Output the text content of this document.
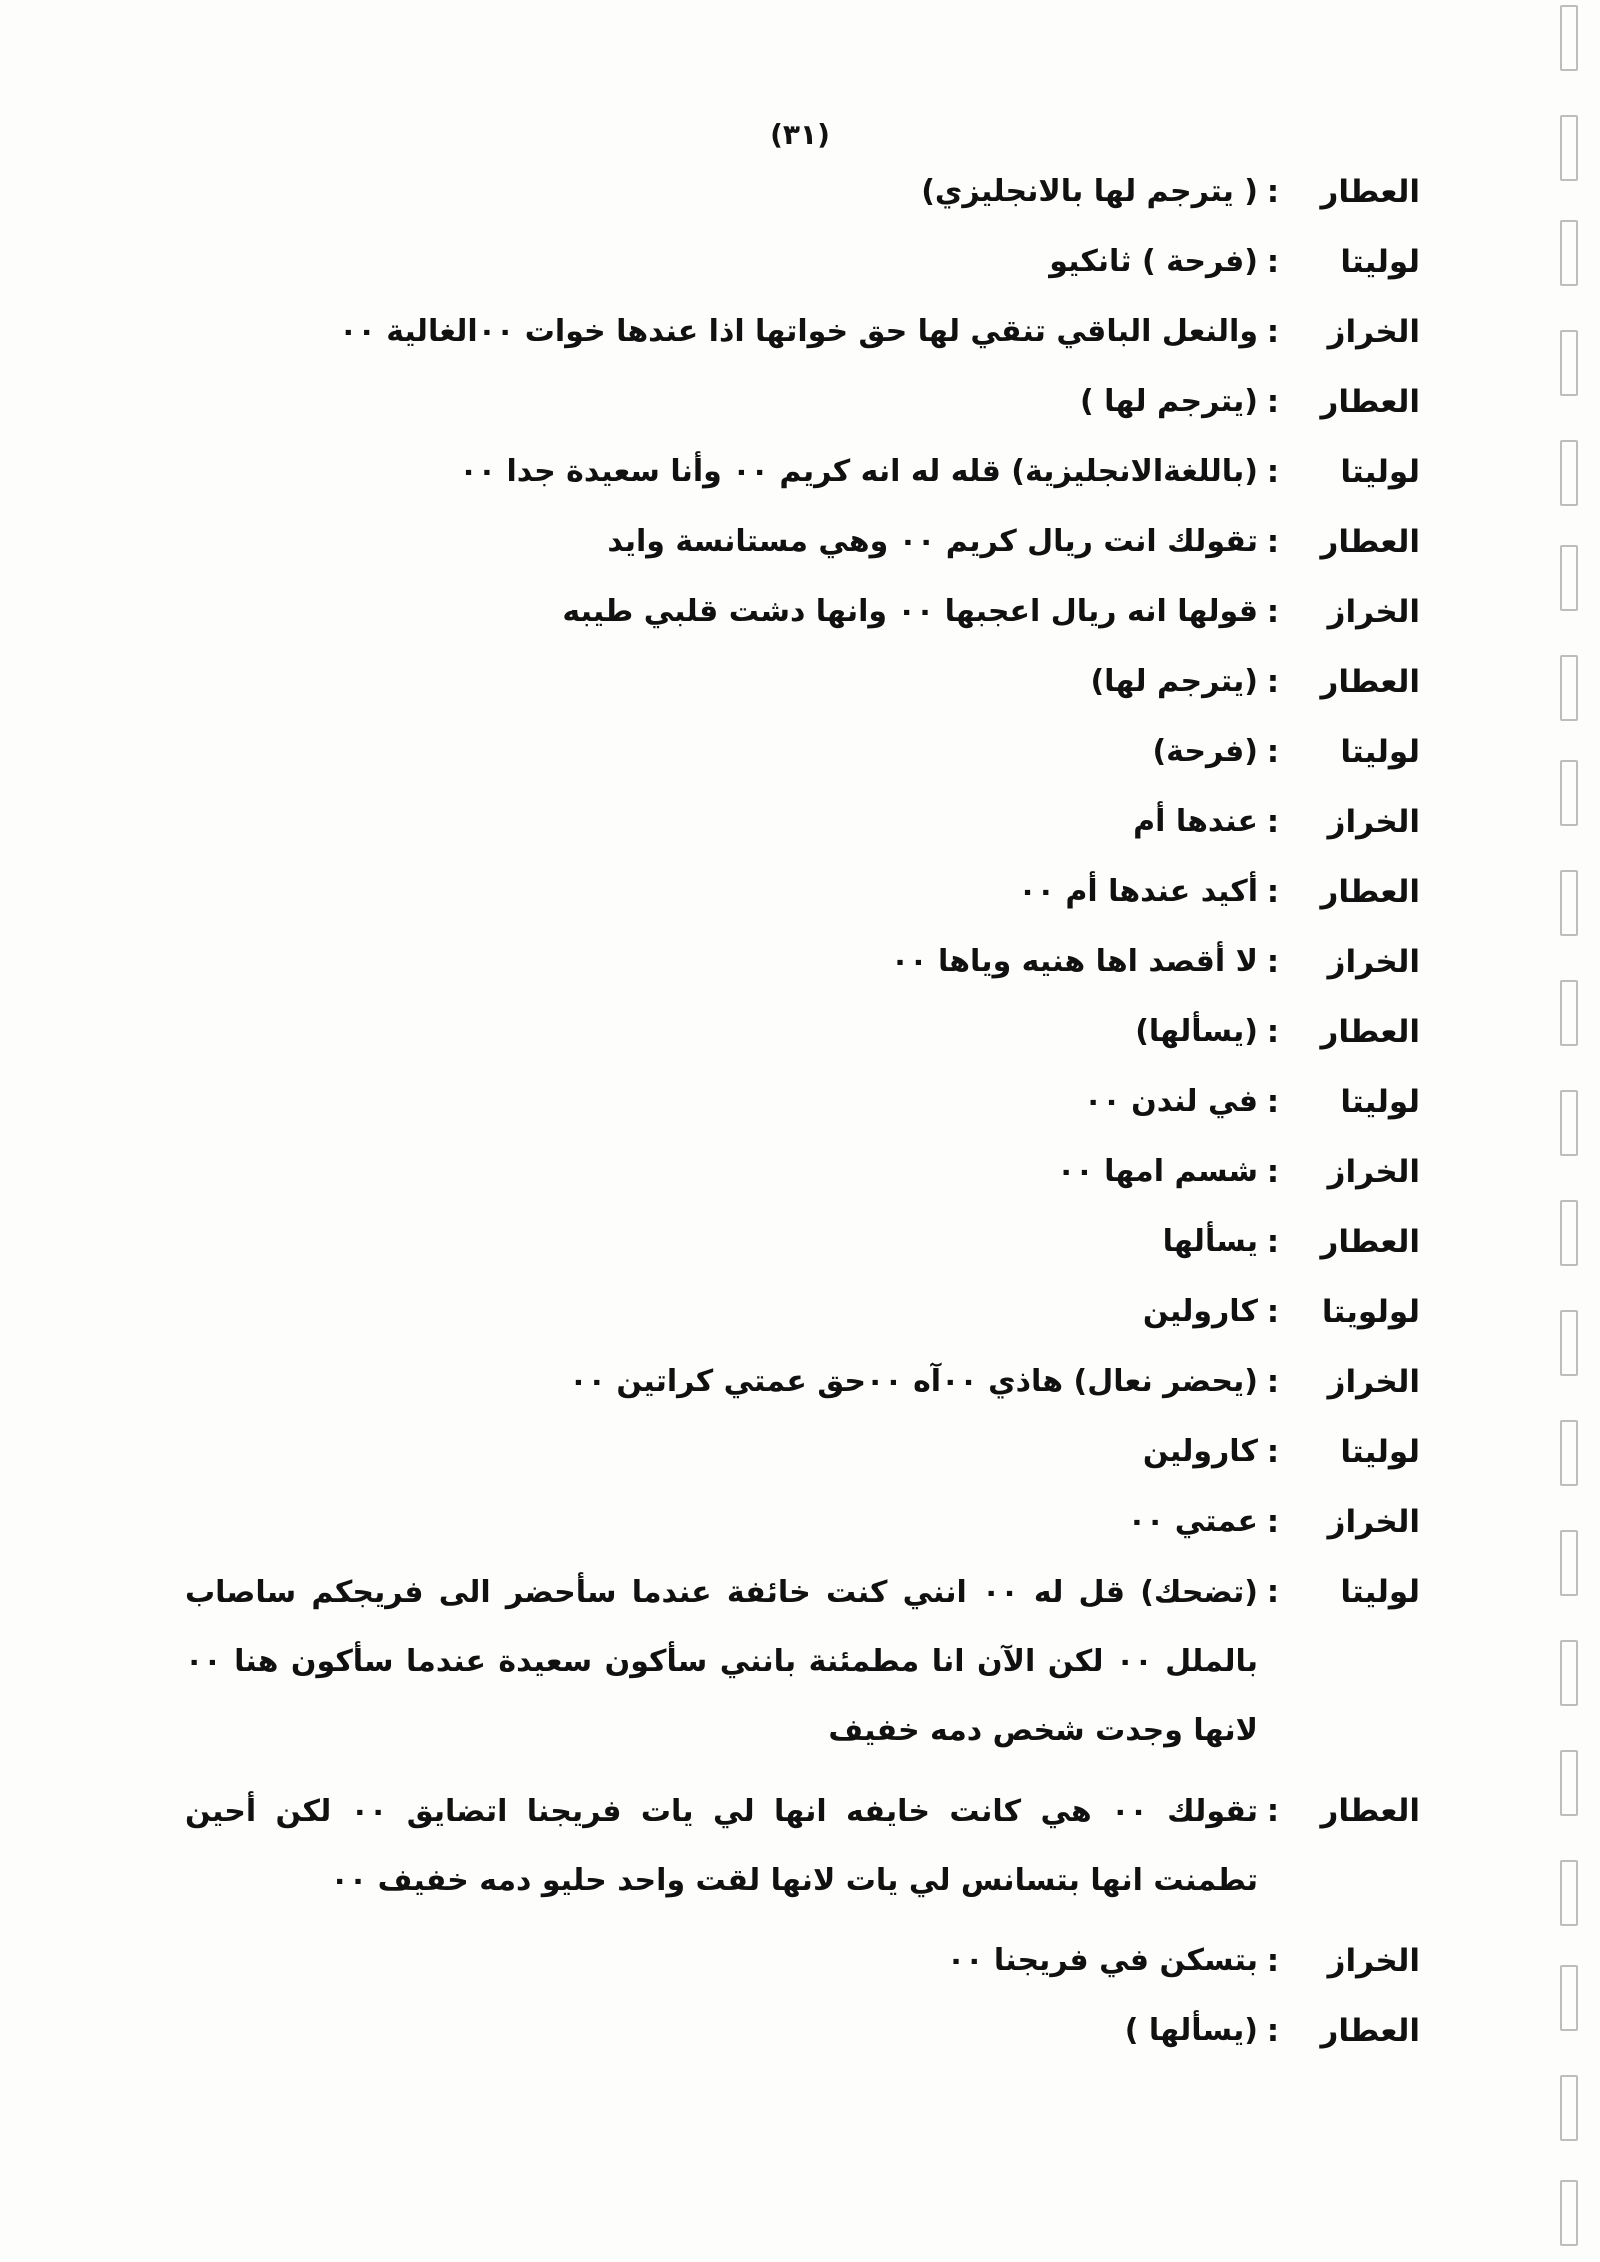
(٣١)
العطار
:
( يترجم لها بالانجليزي)
لوليتا
:
(فرحة ) ثانكيو
الخراز
:
والنعل الباقي تنقي لها حق خواتها اذا عندها خوات ٠٠الغالية ٠٠
العطار
:
(يترجم لها )
لوليتا
:
(باللغةالانجليزية) قله له انه كريم ٠٠ وأنا سعيدة جدا ٠٠
العطار
:
تقولك انت ريال كريم ٠٠ وهي مستانسة وايد
الخراز
:
قولها انه ريال اعجبها ٠٠ وانها دشت قلبي طيبه
العطار
:
(يترجم لها)
لوليتا
:
(فرحة)
الخراز
:
عندها أم
العطار
:
أكيد عندها أم ٠٠
الخراز
:
لا أقصد اها هنيه وياها ٠٠
العطار
:
(يسألها)
لوليتا
:
في لندن ٠٠
الخراز
:
شسم امها ٠٠
العطار
:
يسألها
لولويتا
:
كارولين
الخراز
:
(يحضر نعال) هاذي ٠٠آه ٠٠حق عمتي كراتين ٠٠
لوليتا
:
كارولين
الخراز
:
عمتي ٠٠
لوليتا
:
(تضحك) قل له ٠٠ انني كنت خائفة عندما سأحضر الى فريجكم ساصاب بالملل ٠٠ لكن الآن انا مطمئنة بانني سأكون سعيدة عندما سأكون هنا ٠٠ لانها وجدت شخص دمه خفيف
العطار
:
تقولك ٠٠ هي كانت خايفه انها لي يات فريجنا اتضايق ٠٠ لكن أحين تطمنت انها بتسانس لي يات لانها لقت واحد حليو دمه خفيف ٠٠
الخراز
:
بتسكن في فريجنا ٠٠
العطار
:
(يسألها )
